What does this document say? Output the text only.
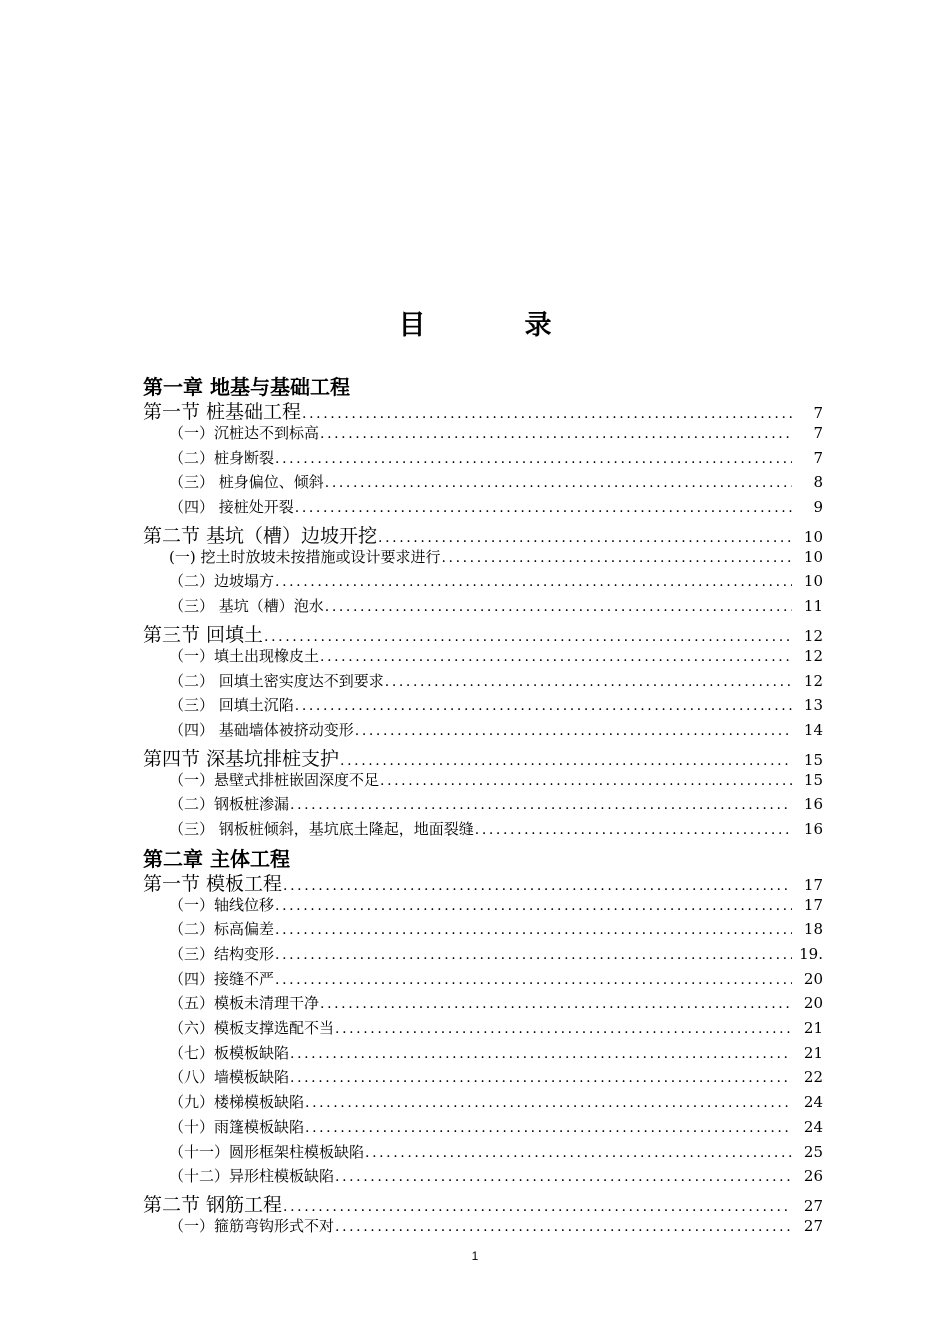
目　录
第一章 地基与基础工程
第一节 桩基础工程 .....	7
（一）沉桩达不到标高 .....	7
（二）桩身断裂 .....	7
（三） 桩身偏位、倾斜 .....	8
（四） 接桩处开裂 .....	9
第二节 基坑（槽）边坡开挖 .....	10
(一) 挖土时放坡未按措施或设计要求进行 .....	10
（二）边坡塌方 .....	10
（三） 基坑（槽）泡水 .....	11
第三节 回填土 .....	12
（一）填土出现橡皮土 .....	12
（二） 回填土密实度达不到要求 .....	12
（三） 回填土沉陷 .....	13
（四） 基础墙体被挤动变形 .....	14
第四节 深基坑排桩支护 .....	15
（一）悬壁式排桩嵌固深度不足 .....	15
（二）钢板桩渗漏 .....	16
（三） 钢板桩倾斜，基坑底土隆起，地面裂缝 .....	16
第二章 主体工程
第一节 模板工程 .....	17
（一）轴线位移 .....	17
（二）标高偏差 .....	18
（三）结构变形 .....	19.
（四）接缝不严 .....	20
（五）模板未清理干净 .....	20
（六）模板支撑选配不当 .....	21
（七）板模板缺陷 .....	21
（八）墙模板缺陷 .....	22
（九）楼梯模板缺陷 .....	24
（十）雨篷模板缺陷 .....	24
（十一）圆形框架柱模板缺陷 .....	25
（十二）异形柱模板缺陷 .....	26
第二节 钢筋工程 .....	27
（一）箍筋弯钩形式不对 .....	27
1
